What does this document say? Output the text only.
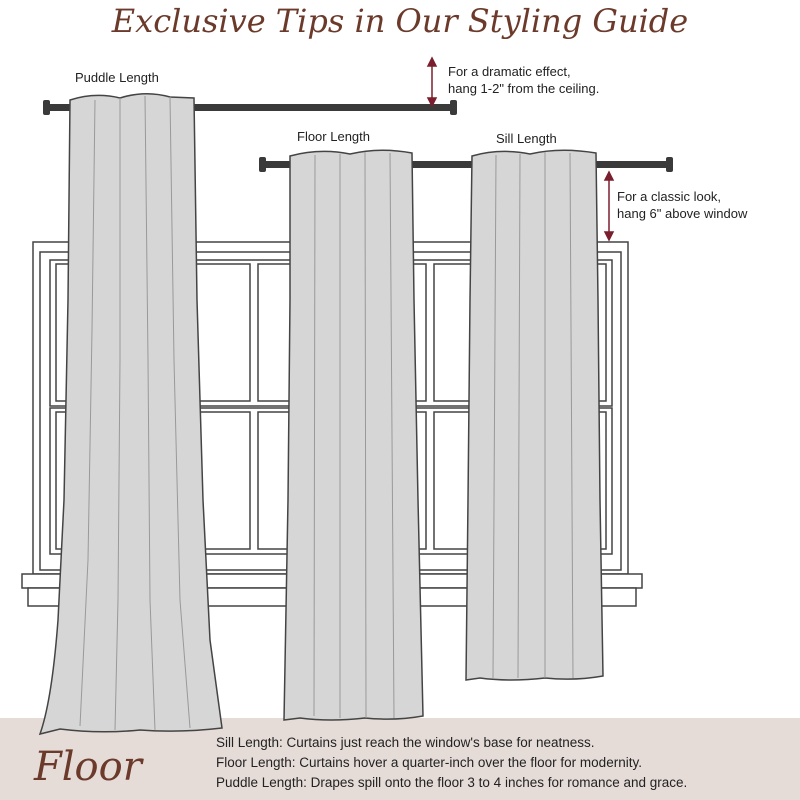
Exclusive Tips in Our Styling Guide
Puddle Length
Floor Length	Sill Length
For a dramatic effect,
hang 1-2" from the ceiling.
For a classic look,
hang 6" above window
Floor
Sill Length: Curtains just reach the window's base for neatness.
Floor Length: Curtains hover a quarter-inch over the floor for modernity.
Puddle Length: Drapes spill onto the floor 3 to 4 inches for romance and grace.
